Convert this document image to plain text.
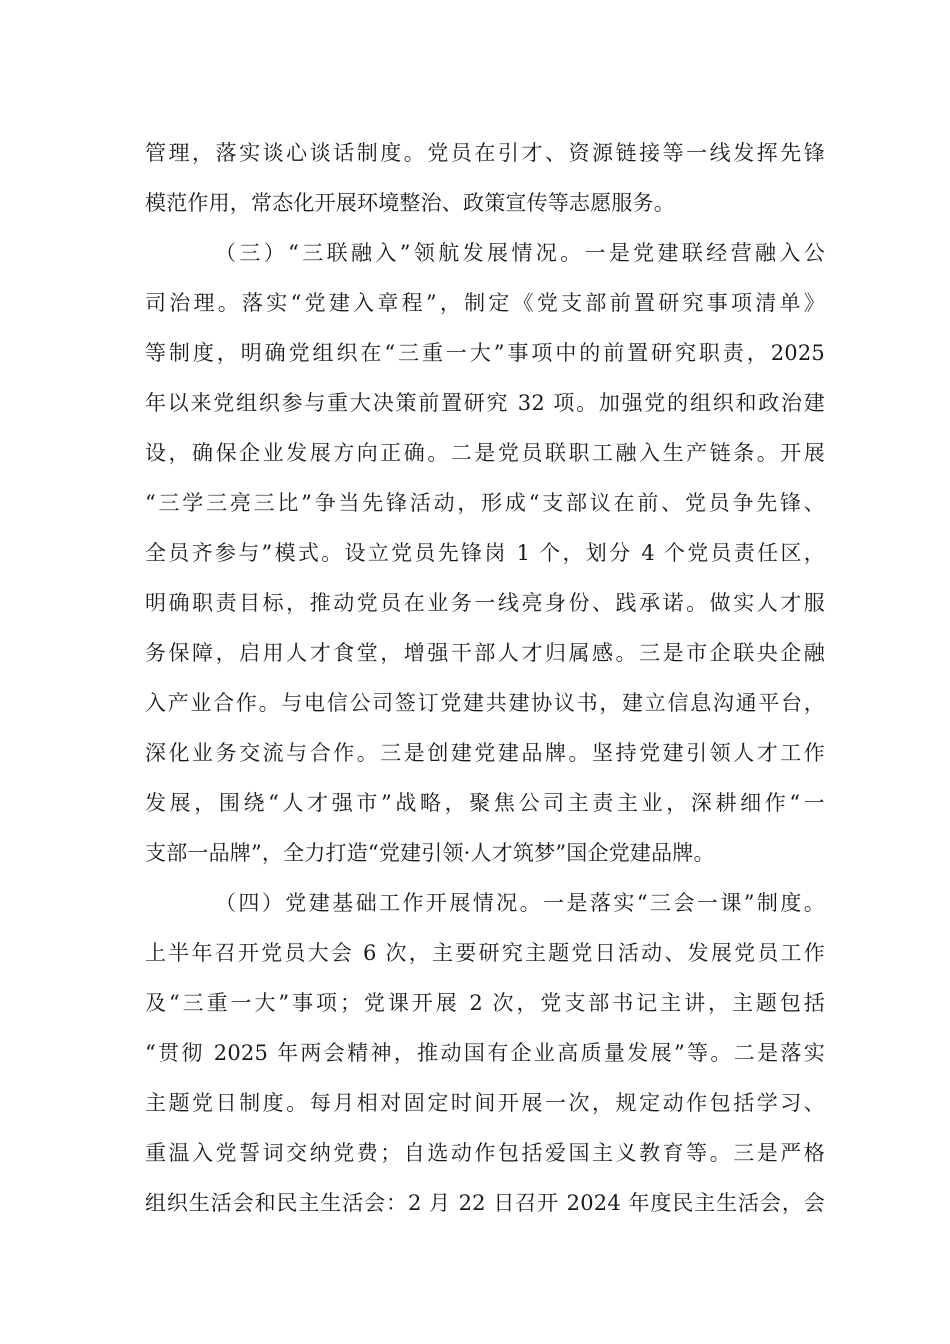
管理，落实谈心谈话制度。党员在引才、资源链接等一线发挥先锋
模范作用，常态化开展环境整治、政策宣传等志愿服务。
（三）“三联融入”领航发展情况。一是党建联经营融入公
司治理。落实“党建入章程”，制定《党支部前置研究事项清单》
等制度，明确党组织在“三重一大”事项中的前置研究职责，2025
年以来党组织参与重大决策前置研究 32 项。加强党的组织和政治建
设，确保企业发展方向正确。二是党员联职工融入生产链条。开展
“三学三亮三比”争当先锋活动，形成“支部议在前、党员争先锋、
全员齐参与”模式。设立党员先锋岗 1 个，划分 4 个党员责任区，
明确职责目标，推动党员在业务一线亮身份、践承诺。做实人才服
务保障，启用人才食堂，增强干部人才归属感。三是市企联央企融
入产业合作。与电信公司签订党建共建协议书，建立信息沟通平台，
深化业务交流与合作。三是创建党建品牌。坚持党建引领人才工作
发展，围绕“人才强市”战略，聚焦公司主责主业，深耕细作“一
支部一品牌”，全力打造“党建引领·人才筑梦”国企党建品牌。
（四）党建基础工作开展情况。一是落实“三会一课”制度。
上半年召开党员大会 6 次，主要研究主题党日活动、发展党员工作
及“三重一大”事项；党课开展 2 次，党支部书记主讲，主题包括
“贯彻 2025 年两会精神，推动国有企业高质量发展”等。二是落实
主题党日制度。每月相对固定时间开展一次，规定动作包括学习、
重温入党誓词交纳党费；自选动作包括爱国主义教育等。三是严格
组织生活会和民主生活会：2 月 22 日召开 2024 年度民主生活会，会
